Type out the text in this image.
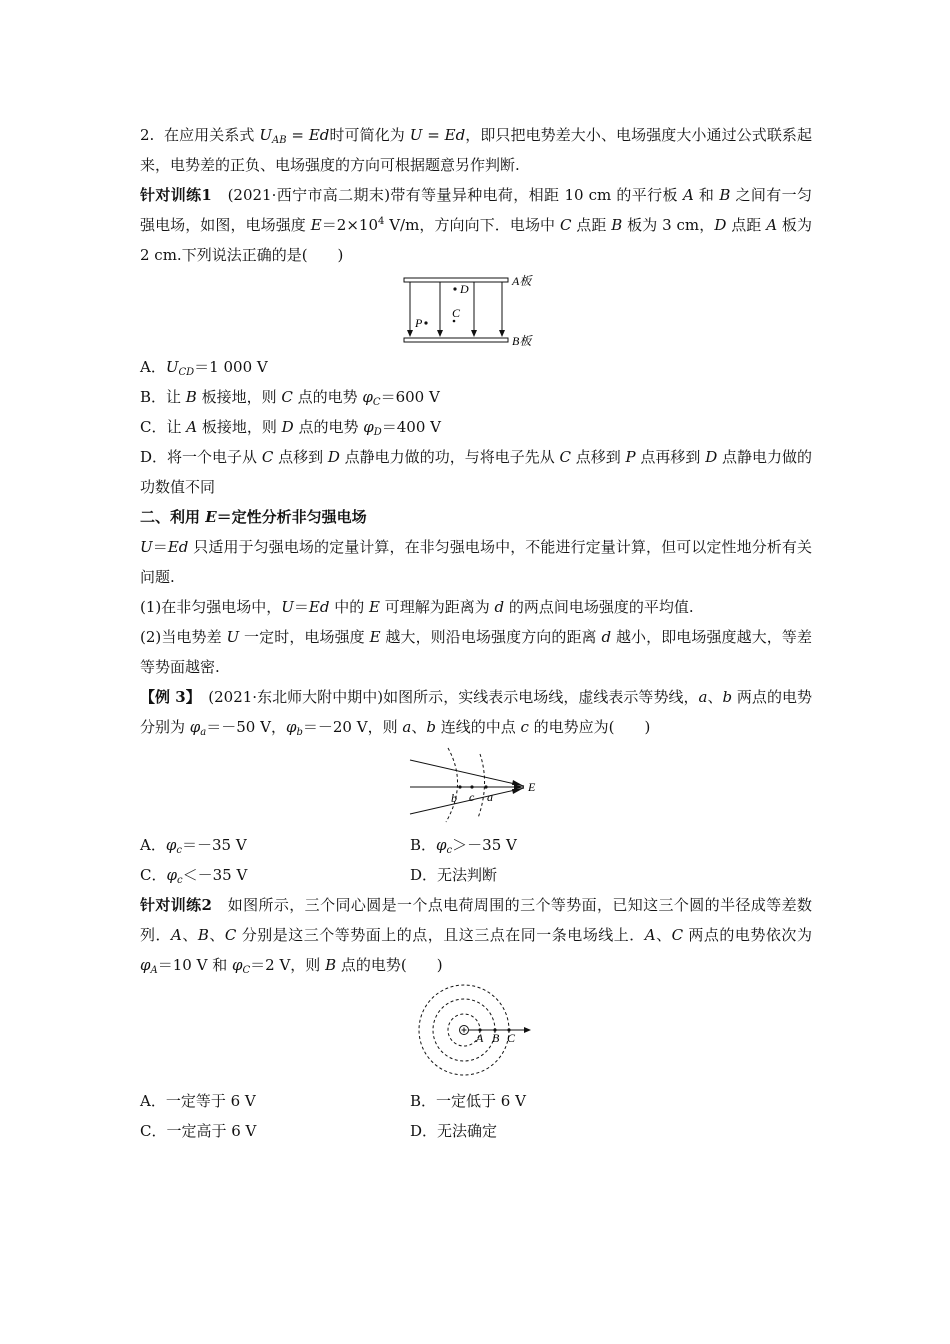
2. 在应用关系式 $U_{AB} = Ed$时可简化为 U = Ed，即只把电势差大小、电场强度大小通过公式联系起来，电势差的正负、电场强度的方向可根据题意另作判断.

针对训练1　(2021·西宁市高二期末)带有等量异种电荷，相距 10 cm 的平行板 A 和 B 之间有一匀强电场，如图，电场强度 $E=2\times 10^4$ V/m，方向向下．电场中 C 点距 B 板为 3 cm，D 点距 A 板为 2 cm.下列说法正确的是(　　)

D
C
P
A板
B板

A．$U_{CD}=1$ 000 V

B．让 B 板接地，则 C 点的电势 $\varphi_C=600$ V

C．让 A 板接地，则 D 点的电势 $\varphi_D=400$ V

D．将一个电子从 C 点移到 D 点静电力做的功，与将电子先从 C 点移到 P 点再移到 D 点静电力做的功数值不同

二、利用 E＝定性分析非匀强电场

U＝Ed 只适用于匀强电场的定量计算，在非匀强电场中，不能进行定量计算，但可以定性地分析有关问题.

(1)在非匀强电场中，U＝Ed 中的 E 可理解为距离为 d 的两点间电场强度的平均值.

(2)当电势差 U 一定时，电场强度 E 越大，则沿电场强度方向的距离 d 越小，即电场强度越大，等差等势面越密.

【例 3】　(2021·东北师大附中期中)如图所示，实线表示电场线，虚线表示等势线，a、b 两点的电势分别为 $\varphi_a=-50$ V，$\varphi_b=-20$ V，则 a、b 连线的中点 c 的电势应为(　　)

b c a
E
A．$\varphi_c=-35$ V	B．$\varphi_c>-35$ V
C．$\varphi_c<-35$ V	D．无法判断

针对训练2　如图所示，三个同心圆是一个点电荷周围的三个等势面，已知这三个圆的半径成等差数列．A、B、C 分别是这三个等势面上的点，且这三点在同一条电场线上．A、C 两点的电势依次为 $\varphi_A=10$ V 和 $\varphi_C=2$ V，则 B 点的电势(　　)

A B C
A．一定等于 6 V	B．一定低于 6 V
C．一定高于 6 V	D．无法确定
